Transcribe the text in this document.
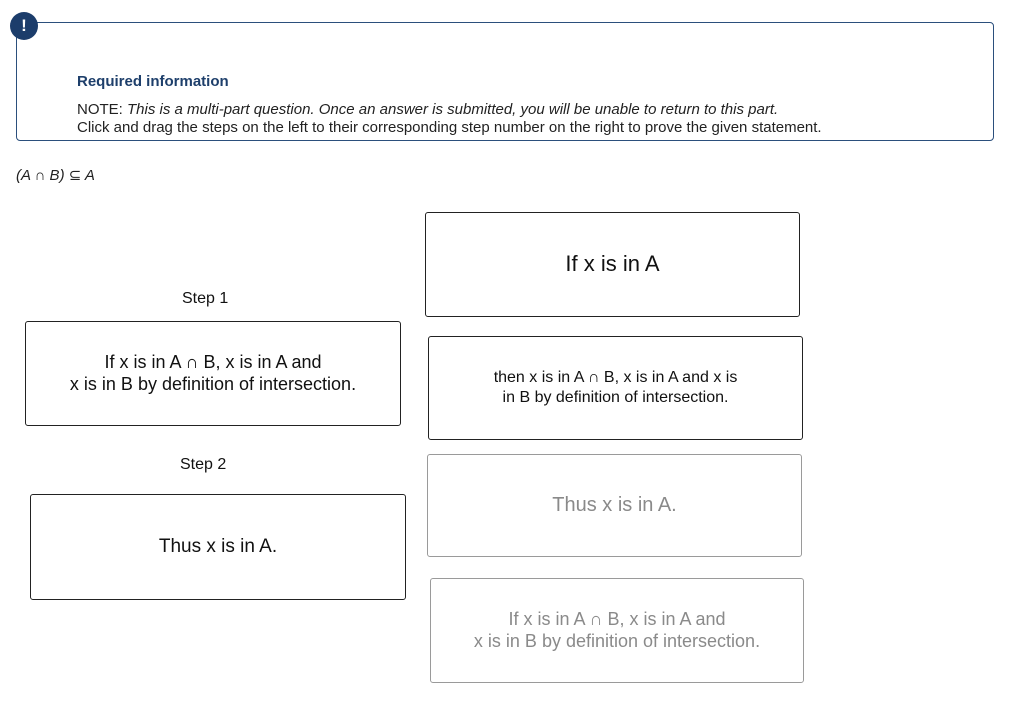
Required information
NOTE: This is a multi-part question. Once an answer is submitted, you will be unable to return to this part.
Click and drag the steps on the left to their corresponding step number on the right to prove the given statement.
!
(A ∩ B) ⊆ A
Step 1
If x is in A ∩ B, x is in A and
x is in B by definition of intersection.
Step 2
Thus x is in A.
If x is in A
then x is in A ∩ B, x is in A and x is
in B by definition of intersection.
Thus x is in A.
If x is in A ∩ B, x is in A and
x is in B by definition of intersection.
